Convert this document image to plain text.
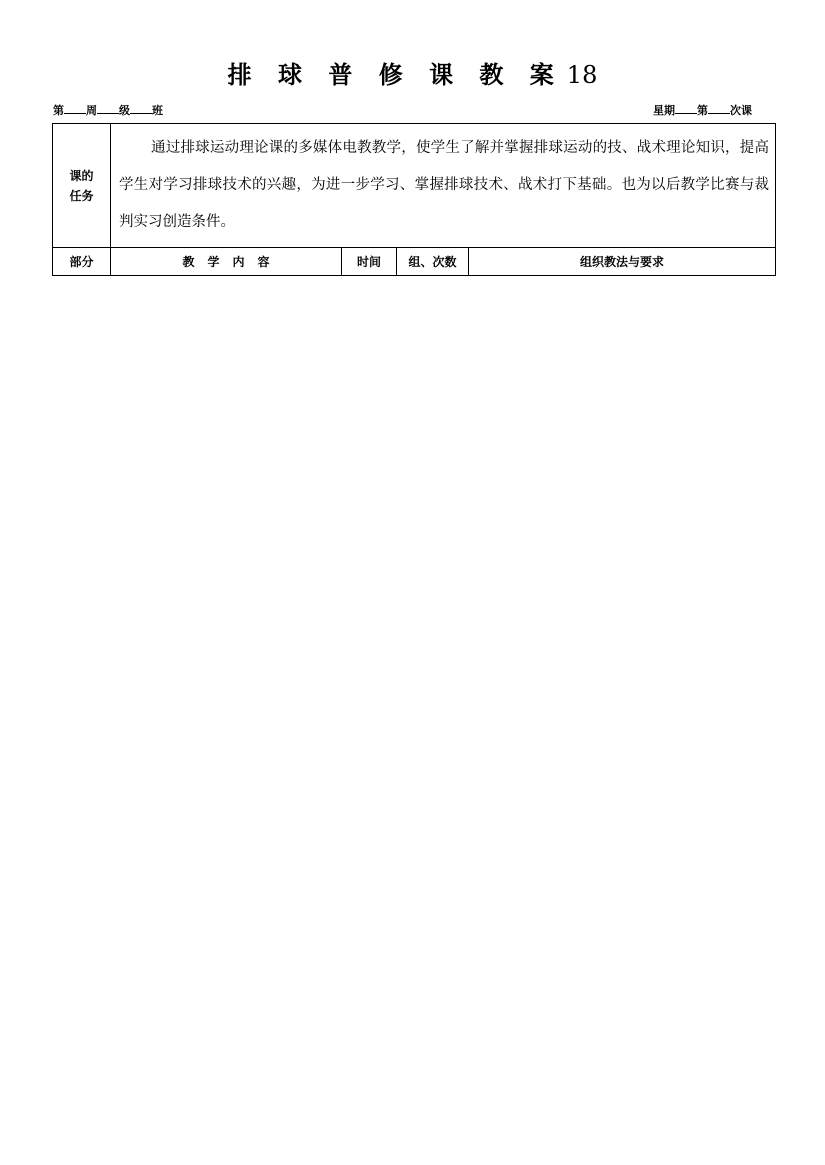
排 球 普 修 课 教 案 18
第 周 级 班	星期 第 次课
课的
任务	通过排球运动理论课的多媒体电教教学，使学生了解并掌握排球运动的技、战术理论知识，提高学生对学习排球技术的兴趣，为进一步学习、掌握排球技术、战术打下基础。也为以后教学比赛与裁判实习创造条件。			
部分	教学内容	时间	组、次数	组织教法与要求
